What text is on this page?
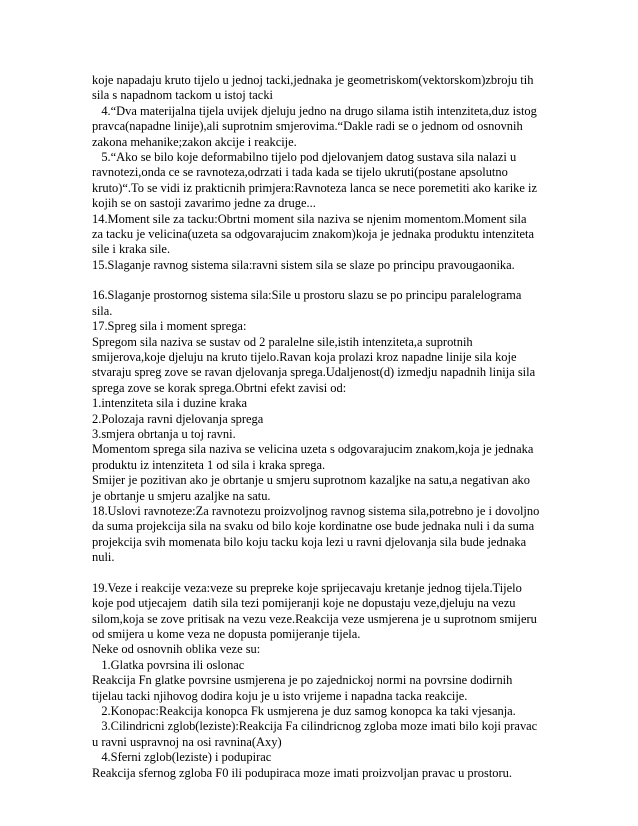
koje napadaju kruto tijelo u jednoj tacki,jednaka je geometriskom(vektorskom)zbroju tih
sila s napadnom tackom u istoj tacki
4.“Dva materijalna tijela uvijek djeluju jedno na drugo silama istih intenziteta,duz istog
pravca(napadne linije),ali suprotnim smjerovima.“Dakle radi se o jednom od osnovnih
zakona mehanike;zakon akcije i reakcije.
5.“Ako se bilo koje deformabilno tijelo pod djelovanjem datog sustava sila nalazi u
ravnotezi,onda ce se ravnoteza,odrzati i tada kada se tijelo ukruti(postane apsolutno
kruto)“.To se vidi iz prakticnih primjera:Ravnoteza lanca se nece poremetiti ako karike iz
kojih se on sastoji zavarimo jedne za druge...
14.Moment sile za tacku:Obrtni moment sila naziva se njenim momentom.Moment sila
za tacku je velicina(uzeta sa odgovarajucim znakom)koja je jednaka produktu intenziteta
sile i kraka sile.
15.Slaganje ravnog sistema sila:ravni sistem sila se slaze po principu pravougaonika.
16.Slaganje prostornog sistema sila:Sile u prostoru slazu se po principu paralelograma
sila.
17.Spreg sila i moment sprega:
Spregom sila naziva se sustav od 2 paralelne sile,istih intenziteta,a suprotnih
smijerova,koje djeluju na kruto tijelo.Ravan koja prolazi kroz napadne linije sila koje
stvaraju spreg zove se ravan djelovanja sprega.Udaljenost(d) izmedju napadnih linija sila
sprega zove se korak sprega.Obrtni efekt zavisi od:
1.intenziteta sila i duzine kraka
2.Polozaja ravni djelovanja sprega
3.smjera obrtanja u toj ravni.
Momentom sprega sila naziva se velicina uzeta s odgovarajucim znakom,koja je jednaka
produktu iz intenziteta 1 od sila i kraka sprega.
Smijer je pozitivan ako je obrtanje u smjeru suprotnom kazaljke na satu,a negativan ako
je obrtanje u smjeru azaljke na satu.
18.Uslovi ravnoteze:Za ravnotezu proizvoljnog ravnog sistema sila,potrebno je i dovoljno
da suma projekcija sila na svaku od bilo koje kordinatne ose bude jednaka nuli i da suma
projekcija svih momenata bilo koju tacku koja lezi u ravni djelovanja sila bude jednaka
nuli.
19.Veze i reakcije veza:veze su prepreke koje sprijecavaju kretanje jednog tijela.Tijelo
koje pod utjecajem  datih sila tezi pomijeranji koje ne dopustaju veze,djeluju na vezu
silom,koja se zove pritisak na vezu veze.Reakcija veze usmjerena je u suprotnom smijeru
od smijera u kome veza ne dopusta pomijeranje tijela.
Neke od osnovnih oblika veze su:
1.Glatka povrsina ili oslonac
Reakcija Fn glatke povrsine usmjerena je po zajednickoj normi na povrsine dodirnih
tijelau tacki njihovog dodira koju je u isto vrijeme i napadna tacka reakcije.
2.Konopac:Reakcija konopca Fk usmjerena je duz samog konopca ka taki vjesanja.
3.Cilindricni zglob(leziste):Reakcija Fa cilindricnog zgloba moze imati bilo koji pravac
u ravni uspravnoj na osi ravnina(Axy)
4.Sferni zglob(leziste) i podupirac
Reakcija sfernog zgloba F0 ili podupiraca moze imati proizvoljan pravac u prostoru.
